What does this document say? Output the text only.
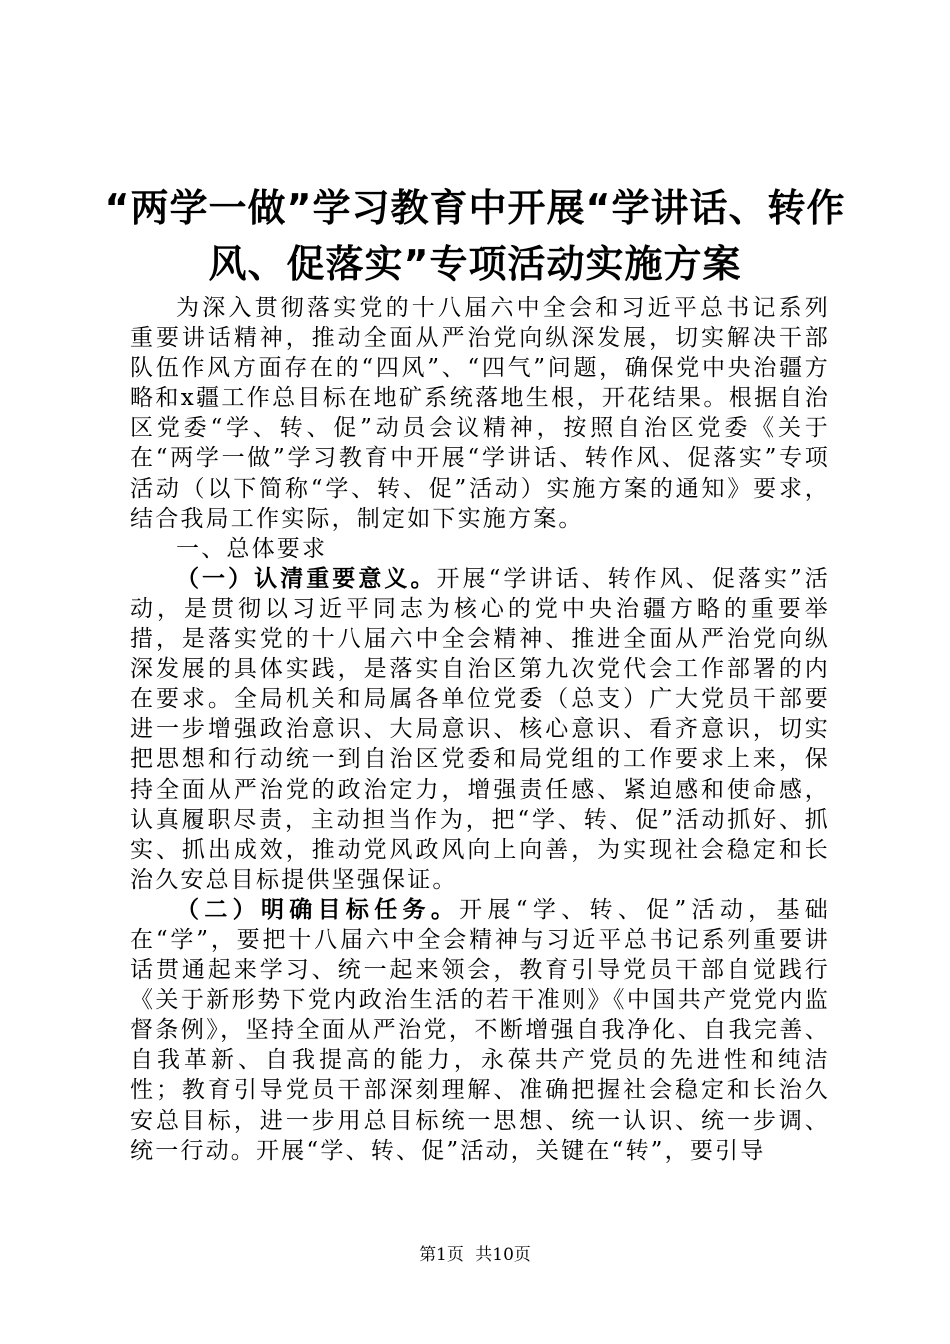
“两学一做”学习教育中开展“学讲话、转作
风、促落实”专项活动实施方案

为深入贯彻落实党的十八届六中全会和习近平总书记系列重要讲话精神，推动全面从严治党向纵深发展，切实解决干部队伍作风方面存在的“四风”、“四气”问题，确保党中央治疆方略和x疆工作总目标在地矿系统落地生根，开花结果。根据自治区党委“学、转、促”动员会议精神，按照自治区党委《关于在“两学一做”学习教育中开展“学讲话、转作风、促落实”专项活动（以下简称“学、转、促”活动）实施方案的通知》要求，结合我局工作实际，制定如下实施方案。

一、总体要求

（一）认清重要意义。开展“学讲话、转作风、促落实”活动，是贯彻以习近平同志为核心的党中央治疆方略的重要举措，是落实党的十八届六中全会精神、推进全面从严治党向纵深发展的具体实践，是落实自治区第九次党代会工作部署的内在要求。全局机关和局属各单位党委（总支）广大党员干部要进一步增强政治意识、大局意识、核心意识、看齐意识，切实把思想和行动统一到自治区党委和局党组的工作要求上来，保持全面从严治党的政治定力，增强责任感、紧迫感和使命感，认真履职尽责，主动担当作为，把“学、转、促”活动抓好、抓实、抓出成效，推动党风政风向上向善，为实现社会稳定和长治久安总目标提供坚强保证。

（二）明确目标任务。开展“学、转、促”活动，基础在“学”，要把十八届六中全会精神与习近平总书记系列重要讲话贯通起来学习、统一起来领会，教育引导党员干部自觉践行《关于新形势下党内政治生活的若干准则》《中国共产党党内监督条例》，坚持全面从严治党，不断增强自我净化、自我完善、自我革新、自我提高的能力，永葆共产党员的先进性和纯洁性；教育引导党员干部深刻理解、准确把握社会稳定和长治久安总目标，进一步用总目标统一思想、统一认识、统一步调、统一行动。开展“学、转、促”活动，关键在“转”，要引导

第1页 共10页
